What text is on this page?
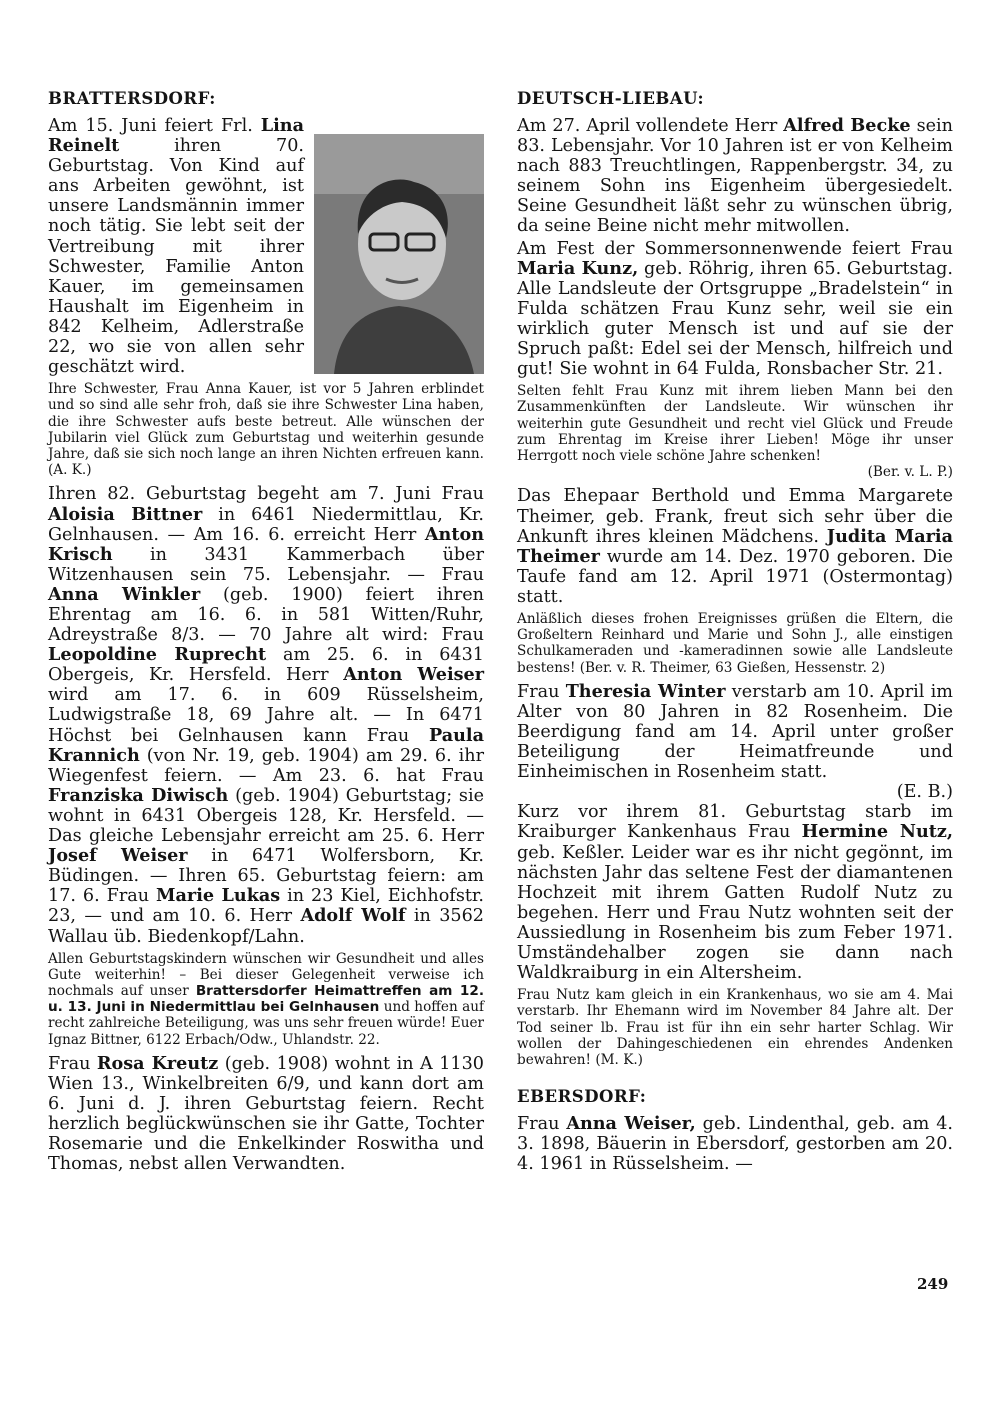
BRATTERSDORF:

Am 15. Juni feiert Frl. Lina Reinelt ihren 70. Geburtstag. Von Kind auf ans Arbeiten gewöhnt, ist unsere Landsmännin immer noch tätig. Sie lebt seit der Vertreibung mit ihrer Schwester, Familie Anton Kauer, im gemeinsamen Haushalt im Eigenheim in 842 Kelheim, Adlerstraße 22, wo sie von allen sehr geschätzt wird.

Ihre Schwester, Frau Anna Kauer, ist vor 5 Jahren erblindet und so sind alle sehr froh, daß sie ihre Schwester Lina haben, die ihre Schwester aufs beste betreut. Alle wünschen der Jubilarin viel Glück zum Geburtstag und weiterhin gesunde Jahre, daß sie sich noch lange an ihren Nichten erfreuen kann. (A. K.)

Ihren 82. Geburtstag begeht am 7. Juni Frau Aloisia Bittner in 6461 Niedermittlau, Kr. Gelnhausen. — Am 16. 6. erreicht Herr Anton Krisch in 3431 Kammerbach über Witzenhausen sein 75. Lebensjahr. — Frau Anna Winkler (geb. 1900) feiert ihren Ehrentag am 16. 6. in 581 Witten/Ruhr, Adreystraße 8/3. — 70 Jahre alt wird: Frau Leopoldine Ruprecht am 25. 6. in 6431 Obergeis, Kr. Hersfeld. Herr Anton Weiser wird am 17. 6. in 609 Rüsselsheim, Ludwigstraße 18, 69 Jahre alt. — In 6471 Höchst bei Gelnhausen kann Frau Paula Krannich (von Nr. 19, geb. 1904) am 29. 6. ihr Wiegenfest feiern. — Am 23. 6. hat Frau Franziska Diwisch (geb. 1904) Geburtstag; sie wohnt in 6431 Obergeis 128, Kr. Hersfeld. — Das gleiche Lebensjahr erreicht am 25. 6. Herr Josef Weiser in 6471 Wolfersborn, Kr. Büdingen. — Ihren 65. Geburtstag feiern: am 17. 6. Frau Marie Lukas in 23 Kiel, Eichhofstr. 23, — und am 10. 6. Herr Adolf Wolf in 3562 Wallau üb. Biedenkopf/Lahn.

Allen Geburtstagskindern wünschen wir Gesundheit und alles Gute weiterhin! – Bei dieser Gelegenheit verweise ich nochmals auf unser Brattersdorfer Heimattreffen am 12. u. 13. Juni in Niedermittlau bei Gelnhausen und hoffen auf recht zahlreiche Beteiligung, was uns sehr freuen würde! Euer Ignaz Bittner, 6122 Erbach/Odw., Uhlandstr. 22.

Frau Rosa Kreutz (geb. 1908) wohnt in A 1130 Wien 13., Winkelbreiten 6/9, und kann dort am 6. Juni d. J. ihren Geburtstag feiern. Recht herzlich beglückwünschen sie ihr Gatte, Tochter Rosemarie und die Enkelkinder Roswitha und Thomas, nebst allen Verwandten.

DEUTSCH-LIEBAU:

Am 27. April vollendete Herr Alfred Becke sein 83. Lebensjahr. Vor 10 Jahren ist er von Kelheim nach 883 Treuchtlingen, Rappenbergstr. 34, zu seinem Sohn ins Eigenheim übergesiedelt. Seine Gesundheit läßt sehr zu wünschen übrig, da seine Beine nicht mehr mitwollen.

Am Fest der Sommersonnenwende feiert Frau Maria Kunz, geb. Röhrig, ihren 65. Geburtstag. Alle Landsleute der Ortsgruppe „Bradelstein“ in Fulda schätzen Frau Kunz sehr, weil sie ein wirklich guter Mensch ist und auf sie der Spruch paßt: Edel sei der Mensch, hilfreich und gut! Sie wohnt in 64 Fulda, Ronsbacher Str. 21.

Selten fehlt Frau Kunz mit ihrem lieben Mann bei den Zusammenkünften der Landsleute. Wir wünschen ihr weiterhin gute Gesundheit und recht viel Glück und Freude zum Ehrentag im Kreise ihrer Lieben! Möge ihr unser Herrgott noch viele schöne Jahre schenken!
(Ber. v. L. P.)

Das Ehepaar Berthold und Emma Margarete Theimer, geb. Frank, freut sich sehr über die Ankunft ihres kleinen Mädchens. Judita Maria Theimer wurde am 14. Dez. 1970 geboren. Die Taufe fand am 12. April 1971 (Ostermontag) statt.

Anläßlich dieses frohen Ereignisses grüßen die Eltern, die Großeltern Reinhard und Marie und Sohn J., alle einstigen Schulkameraden und -kameradinnen sowie alle Landsleute bestens! (Ber. v. R. Theimer, 63 Gießen, Hessenstr. 2)

Frau Theresia Winter verstarb am 10. April im Alter von 80 Jahren in 82 Rosenheim. Die Beerdigung fand am 14. April unter großer Beteiligung der Heimatfreunde und Einheimischen in Rosenheim statt.
(E. B.)

Kurz vor ihrem 81. Geburtstag starb im Kraiburger Kankenhaus Frau Hermine Nutz, geb. Keßler. Leider war es ihr nicht gegönnt, im nächsten Jahr das seltene Fest der diamantenen Hochzeit mit ihrem Gatten Rudolf Nutz zu begehen. Herr und Frau Nutz wohnten seit der Aussiedlung in Rosenheim bis zum Feber 1971. Umständehalber zogen sie dann nach Waldkraiburg in ein Altersheim.

Frau Nutz kam gleich in ein Krankenhaus, wo sie am 4. Mai verstarb. Ihr Ehemann wird im November 84 Jahre alt. Der Tod seiner lb. Frau ist für ihn ein sehr harter Schlag. Wir wollen der Dahingeschiedenen ein ehrendes Andenken bewahren! (M. K.)

EBERSDORF:

Frau Anna Weiser, geb. Lindenthal, geb. am 4. 3. 1898, Bäuerin in Ebersdorf, gestorben am 20. 4. 1961 in Rüsselsheim. —

249
